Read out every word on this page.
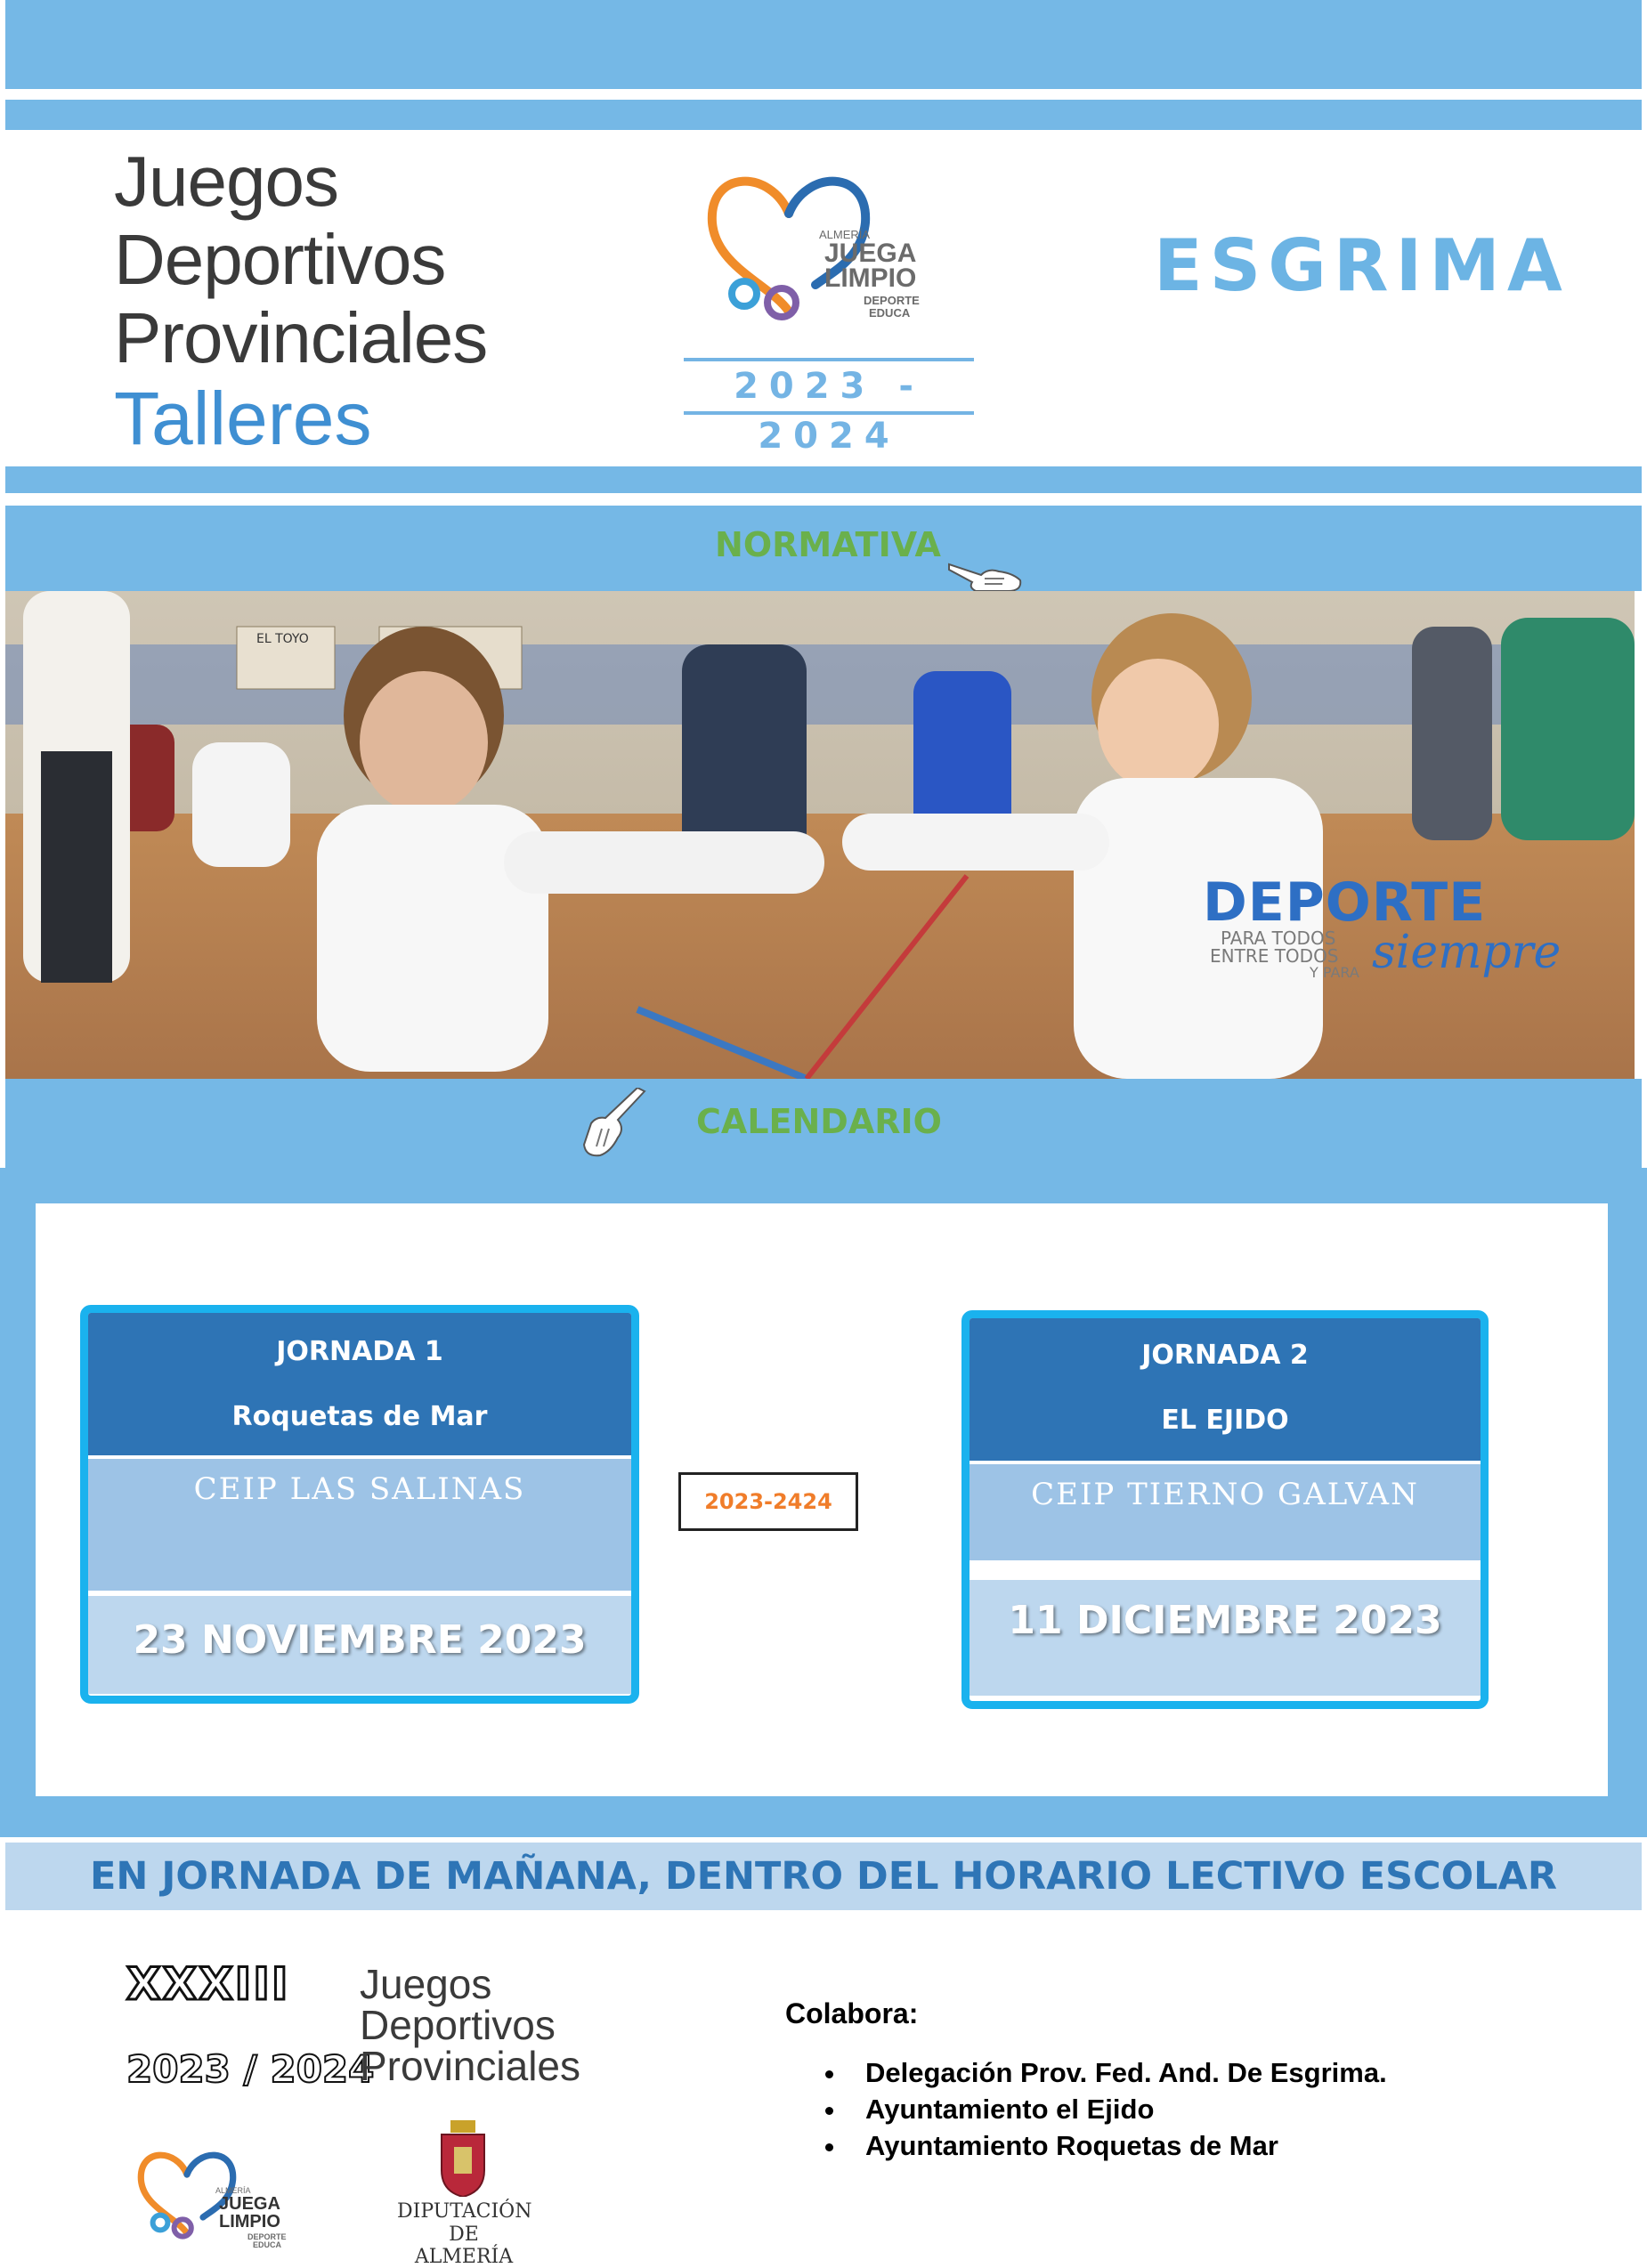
Juegos
Deportivos
Provinciales
Talleres
ALMERÍA
JUEGA
LIMPIO
DEPORTE
EDUCA
2023 - 2024
ESGRIMA
NORMATIVA
DEPORTE
PARA TODOS
ENTRE TODOS
Y PARA siempre
EL TOYO
CALENDARIO
JORNADA 1
Roquetas de Mar
CEIP LAS SALINAS
23 NOVIEMBRE 2023
2023-2424
JORNADA 2
EL EJIDO
CEIP TIERNO GALVAN
11 DICIEMBRE 2023
EN JORNADA DE MAÑANA, DENTRO DEL HORARIO LECTIVO ESCOLAR
XXXIII
2023 / 2024
Juegos
Deportivos
Provinciales
ALMERÍA
JUEGA
LIMPIO
DEPORTE
EDUCA
DIPUTACIÓN
DE ALMERÍA
Colabora:
• Delegación Prov. Fed. And. De Esgrima.
• Ayuntamiento el Ejido
• Ayuntamiento Roquetas de Mar
